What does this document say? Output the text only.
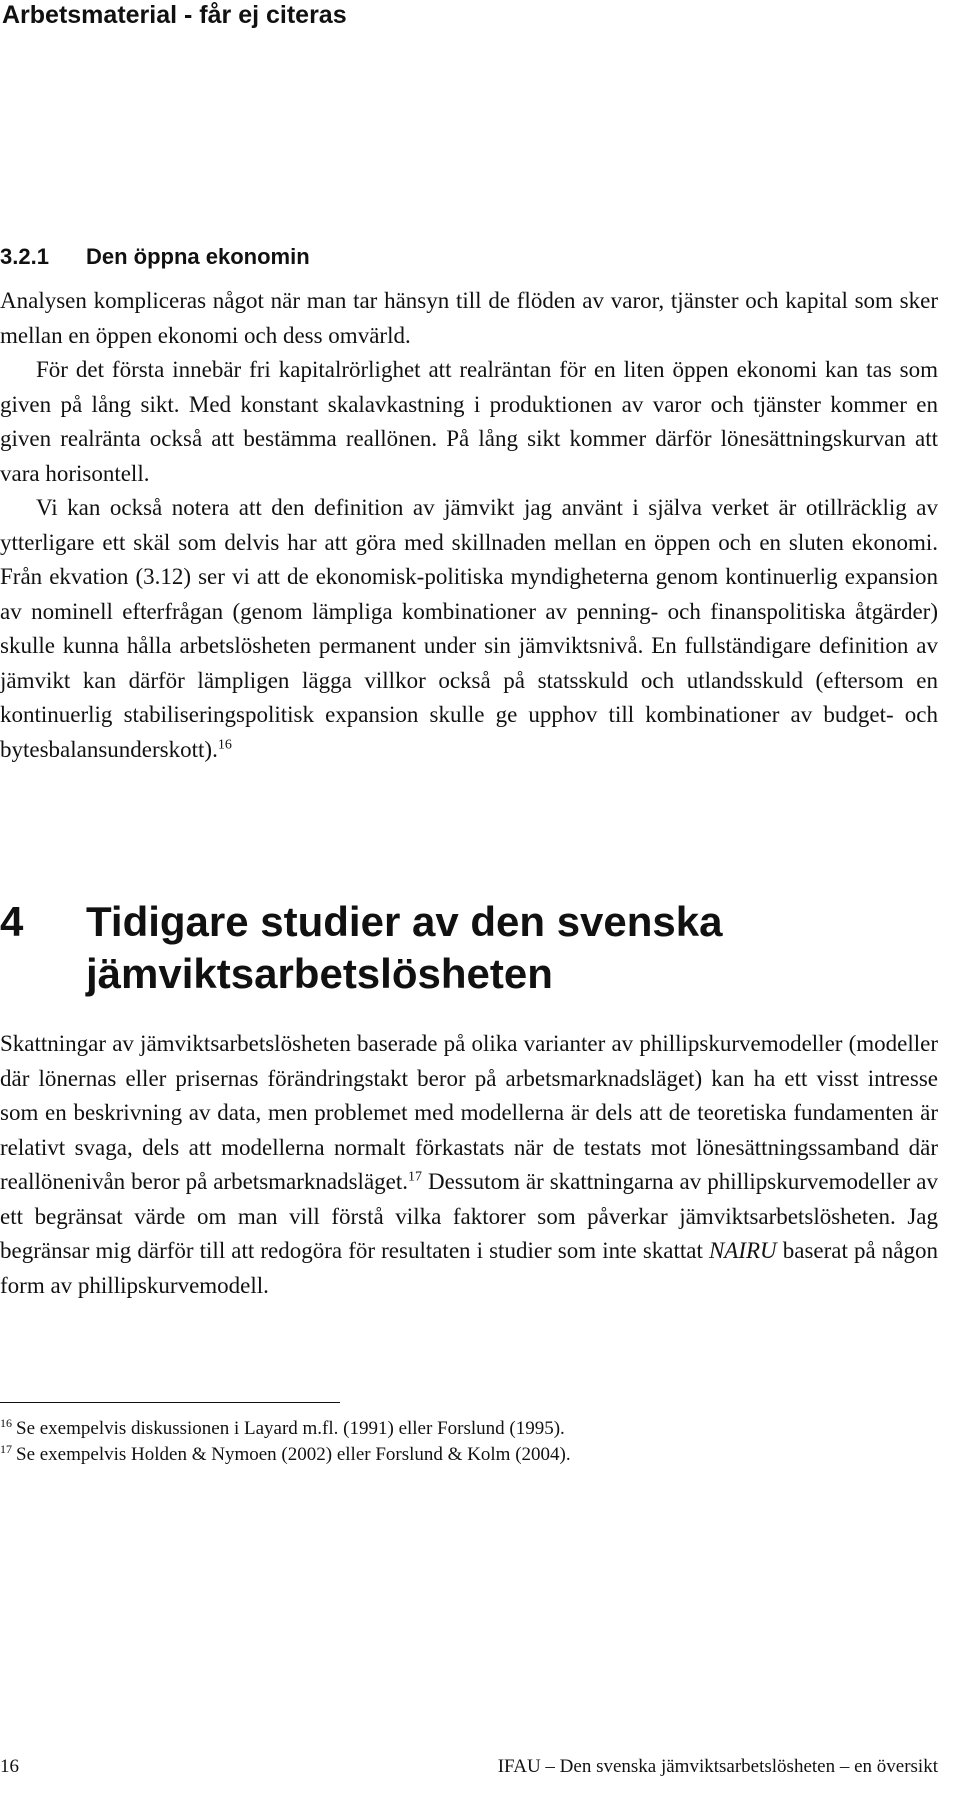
Arbetsmaterial - får ej citeras
3.2.1 Den öppna ekonomin

Analysen kompliceras något när man tar hänsyn till de flöden av varor, tjänster och kapital som sker mellan en öppen ekonomi och dess omvärld.

För det första innebär fri kapitalrörlighet att realräntan för en liten öppen ekonomi kan tas som given på lång sikt. Med konstant skalavkastning i produktionen av varor och tjänster kommer en given realränta också att bestämma reallönen. På lång sikt kommer därför lönesättningskurvan att vara horisontell.

Vi kan också notera att den definition av jämvikt jag använt i själva verket är otillräcklig av ytterligare ett skäl som delvis har att göra med skillnaden mellan en öppen och en sluten ekonomi. Från ekvation (3.12) ser vi att de ekonomisk-politiska myndigheterna genom kontinuerlig expansion av nominell efterfrågan (genom lämpliga kombinationer av penning- och finanspolitiska åtgärder) skulle kunna hålla arbetslösheten permanent under sin jämviktsnivå. En fullständigare definition av jämvikt kan därför lämpligen lägga villkor också på statsskuld och utlandsskuld (eftersom en kontinuerlig stabiliseringspolitisk expansion skulle ge upphov till kombinationer av budget- och bytesbalansunderskott).$^{16}$

4 Tidigare studier av den svenska
jämviktsarbetslösheten

Skattningar av jämviktsarbetslösheten baserade på olika varianter av phillipskurvemodeller (modeller där lönernas eller prisernas förändringstakt beror på arbetsmarknadsläget) kan ha ett visst intresse som en beskrivning av data, men problemet med modellerna är dels att de teoretiska fundamenten är relativt svaga, dels att modellerna normalt förkastats när de testats mot lönesättningssamband där reallönenivån beror på arbetsmarknadsläget.$^{17}$ Dessutom är skattningarna av phillipskurvemodeller av ett begränsat värde om man vill förstå vilka faktorer som påverkar jämviktsarbetslösheten. Jag begränsar mig därför till att redogöra för resultaten i studier som inte skattat NAIRU baserat på någon form av phillipskurvemodell.

$^{16}$ Se exempelvis diskussionen i Layard m.fl. (1991) eller Forslund (1995).
$^{17}$ Se exempelvis Holden & Nymoen (2002) eller Forslund & Kolm (2004).
16	IFAU – Den svenska jämviktsarbetslösheten – en översikt
